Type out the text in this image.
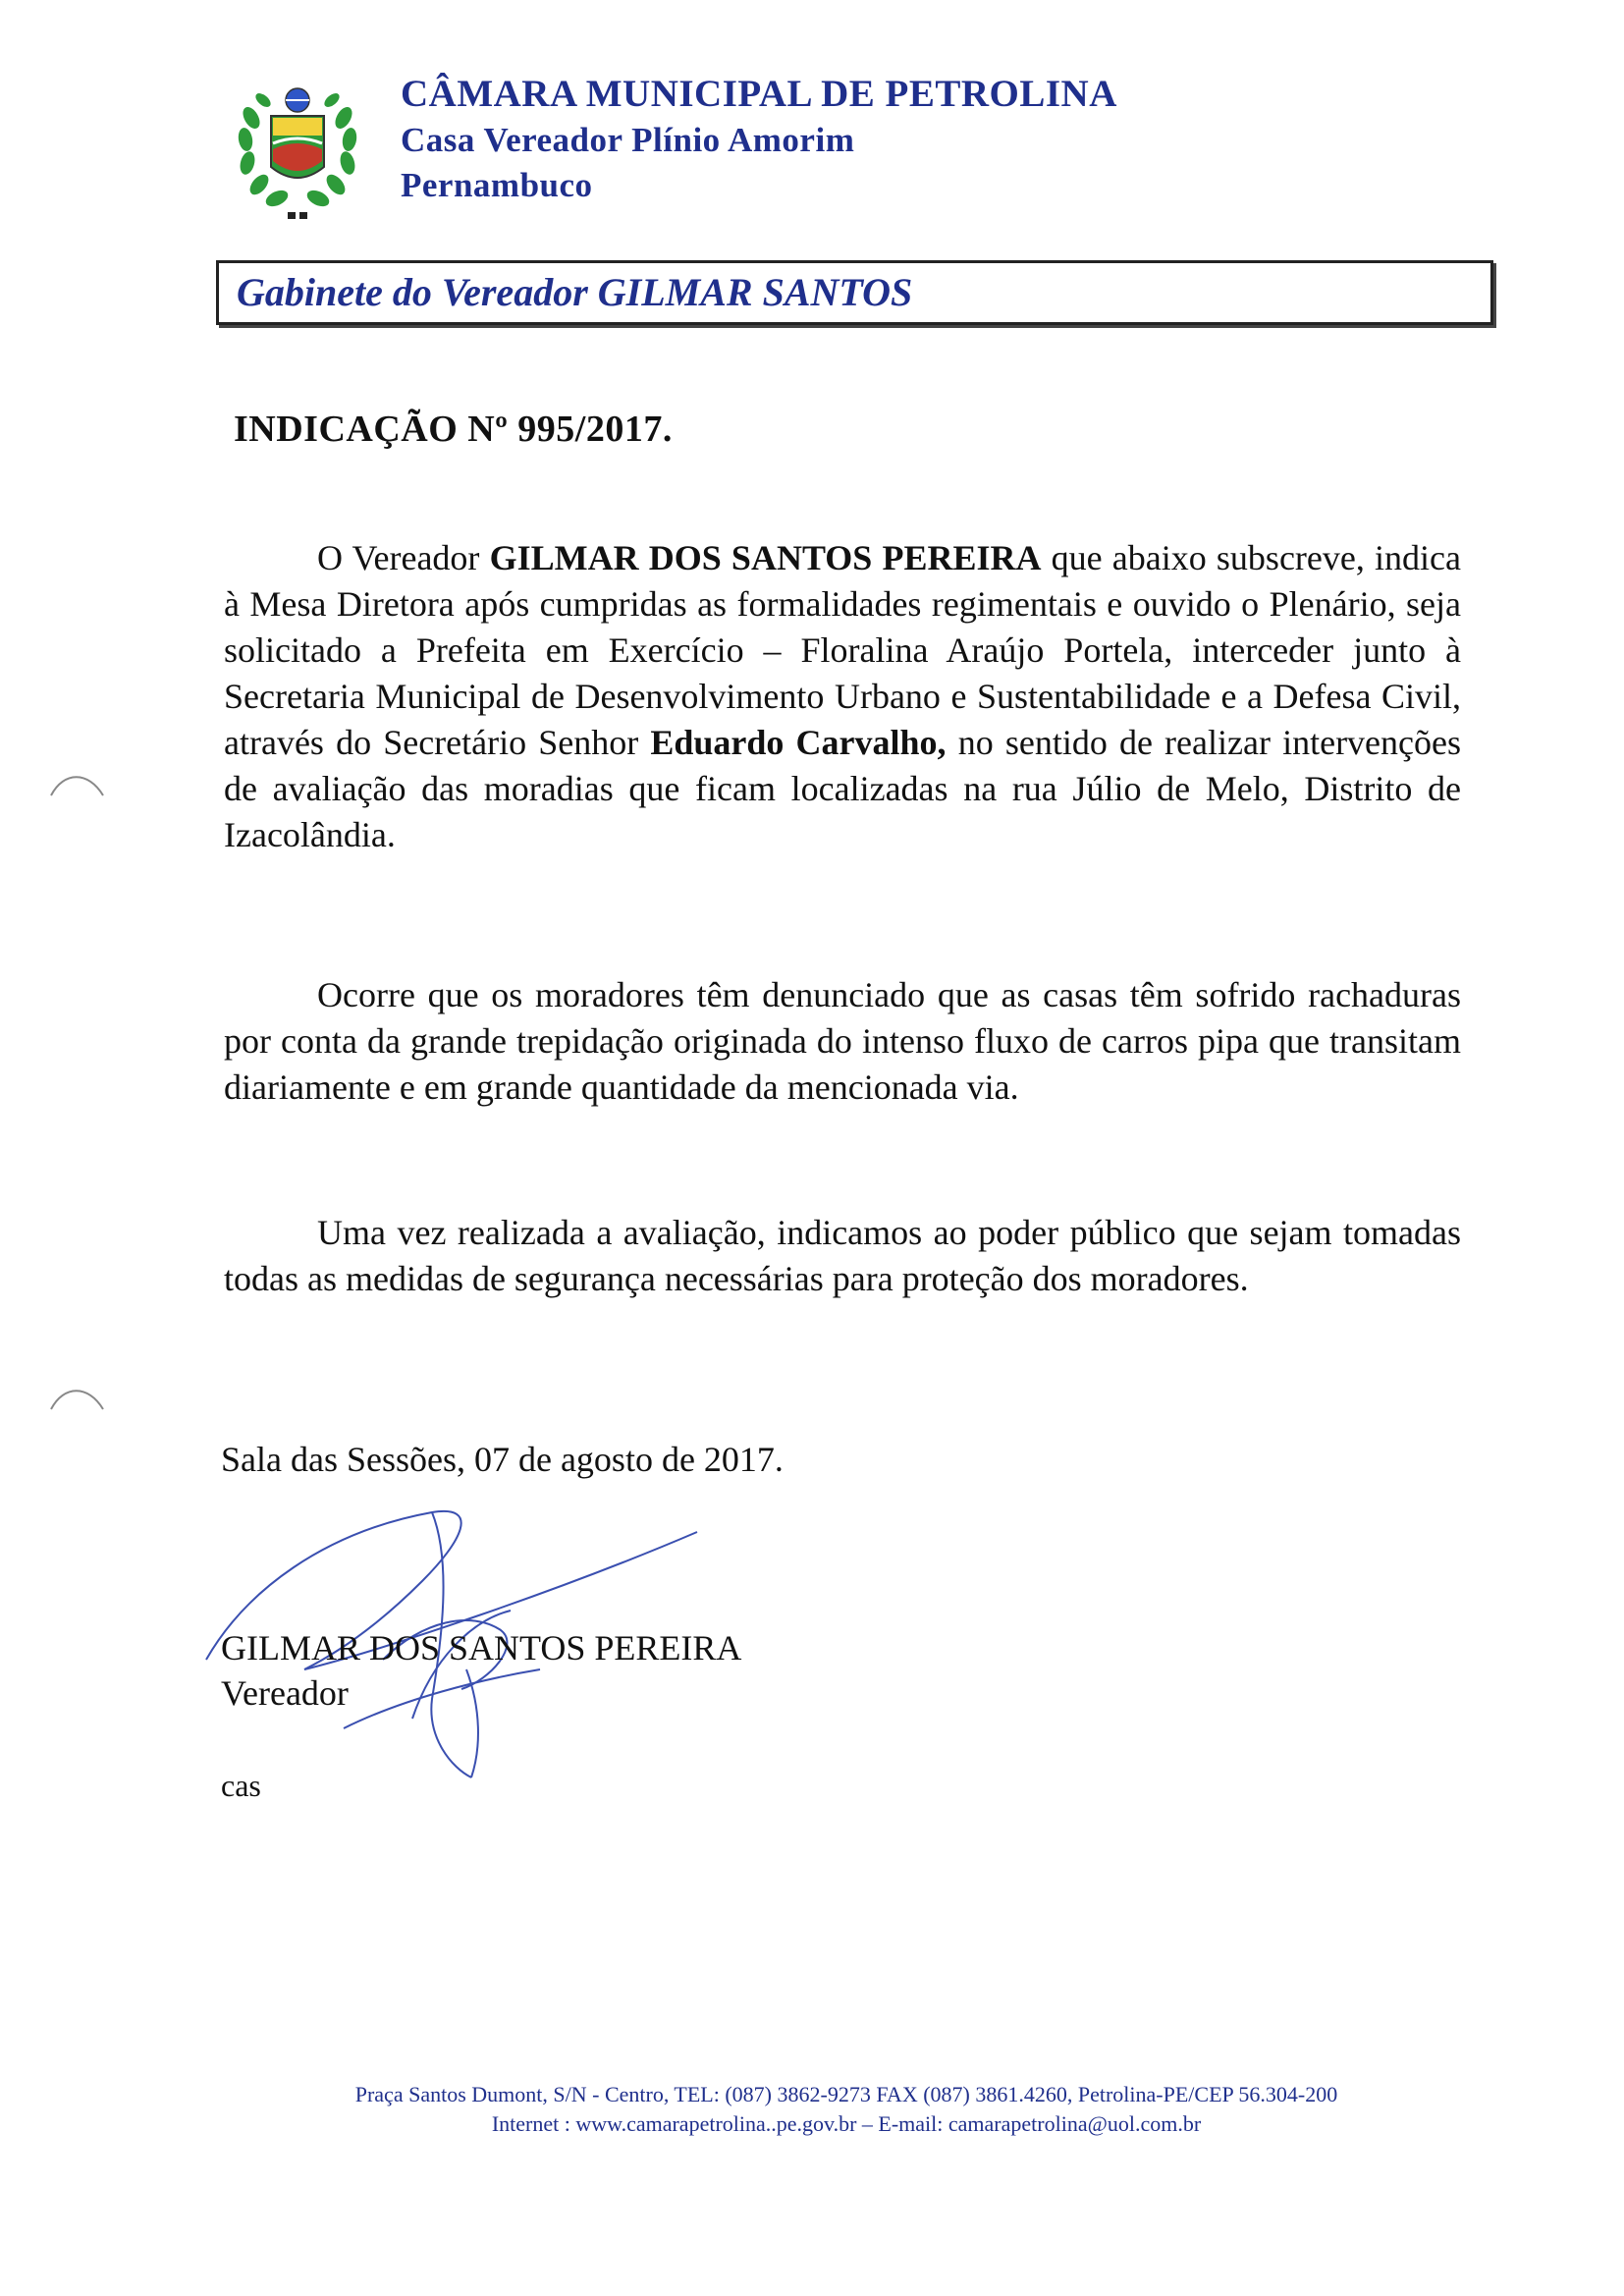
CÂMARA MUNICIPAL DE PETROLINA
Casa Vereador Plínio Amorim
Pernambuco
Gabinete do Vereador GILMAR SANTOS
INDICAÇÃO Nº 995/2017.
O Vereador GILMAR DOS SANTOS PEREIRA que abaixo subscreve, indica à Mesa Diretora após cumpridas as formalidades regimentais e ouvido o Plenário, seja solicitado a Prefeita em Exercício – Floralina Araújo Portela, interceder junto à Secretaria Municipal de Desenvolvimento Urbano e Sustentabilidade e a Defesa Civil, através do Secretário Senhor Eduardo Carvalho, no sentido de realizar intervenções de avaliação das moradias que ficam localizadas na rua Júlio de Melo, Distrito de Izacolândia.
Ocorre que os moradores têm denunciado que as casas têm sofrido rachaduras por conta da grande trepidação originada do intenso fluxo de carros pipa que transitam diariamente e em grande quantidade da mencionada via.
Uma vez realizada a avaliação, indicamos ao poder público que sejam tomadas todas as medidas de segurança necessárias para proteção dos moradores.
Sala das Sessões, 07 de agosto de 2017.
GILMAR DOS SANTOS PEREIRA
Vereador
cas
Praça Santos Dumont, S/N - Centro, TEL: (087) 3862-9273 FAX (087) 3861.4260, Petrolina-PE/CEP 56.304-200
Internet : www.camarapetrolina..pe.gov.br – E-mail: camarapetrolina@uol.com.br
